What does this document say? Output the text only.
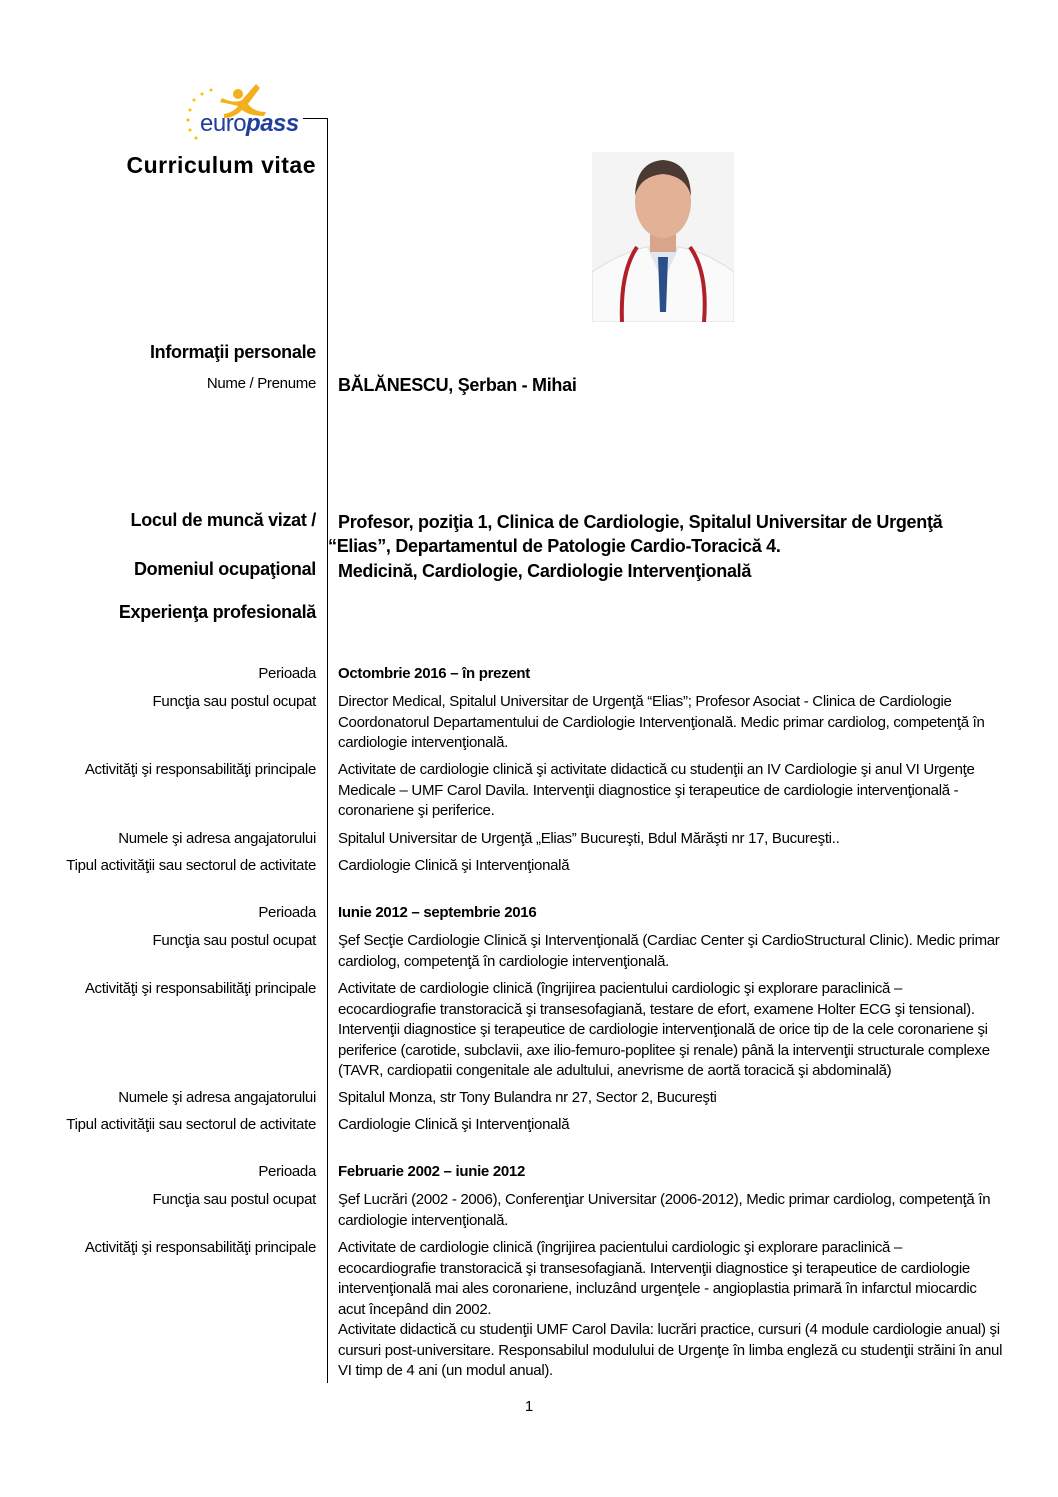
europass
Curriculum vitae
Informaţii personale
Nume / Prenume BĂLĂNESCU, Şerban - Mihai
Locul de muncă vizat /	Profesor, poziţia 1, Clinica de Cardiologie, Spitalul Universitar de Urgenţă “Elias”, Departamentul de Patologie Cardio-Toracică 4.
Domeniul ocupaţional Medicină, Cardiologie, Cardiologie Intervenţională
Experienţa profesională
Perioada Octombrie 2016 – în prezent
Funcţia sau postul ocupat Director Medical, Spitalul Universitar de Urgenţă “Elias”; Profesor Asociat - Clinica de Cardiologie Coordonatorul Departamentului de Cardiologie Intervenţională. Medic primar cardiolog, competenţă în cardiologie intervenţională.
Activităţi şi responsabilităţi principale Activitate de cardiologie clinică şi activitate didactică cu studenţii an IV Cardiologie şi anul VI Urgenţe Medicale – UMF Carol Davila. Intervenţii diagnostice şi terapeutice de cardiologie intervenţională - coronariene şi periferice.
Numele şi adresa angajatorului Spitalul Universitar de Urgenţă „Elias” Bucureşti, Bdul Mărăşti nr 17, Bucureşti..
Tipul activităţii sau sectorul de activitate Cardiologie Clinică şi Intervenţională
Perioada Iunie 2012 – septembrie 2016
Funcţia sau postul ocupat Şef Secţie Cardiologie Clinică şi Intervenţională (Cardiac Center şi CardioStructural Clinic). Medic primar cardiolog, competenţă în cardiologie intervenţională.
Activităţi şi responsabilităţi principale Activitate de cardiologie clinică (îngrijirea pacientului cardiologic şi explorare paraclinică – ecocardiografie transtoracică şi transesofagiană, testare de efort, examene Holter ECG şi tensional). Intervenţii diagnostice şi terapeutice de cardiologie intervenţională de orice tip de la cele coronariene şi periferice (carotide, subclavii, axe ilio-femuro-poplitee şi renale) până la intervenţii structurale complexe (TAVR, cardiopatii congenitale ale adultului, anevrisme de aortă toracică şi abdominală)
Numele şi adresa angajatorului Spitalul Monza, str Tony Bulandra nr 27, Sector 2, Bucureşti
Tipul activităţii sau sectorul de activitate Cardiologie Clinică şi Intervenţională
Perioada Februarie 2002 – iunie 2012
Funcţia sau postul ocupat Şef Lucrări (2002 - 2006), Conferenţiar Universitar (2006-2012), Medic primar cardiolog, competenţă în cardiologie intervenţională.
Activităţi şi responsabilităţi principale Activitate de cardiologie clinică (îngrijirea pacientului cardiologic şi explorare paraclinică – ecocardiografie transtoracică şi transesofagiană. Intervenţii diagnostice şi terapeutice de cardiologie intervenţională mai ales coronariene, incluzând urgenţele - angioplastia primară în infarctul miocardic acut începând din 2002.
Activitate didactică cu studenţii UMF Carol Davila: lucrări practice, cursuri (4 module cardiologie anual) şi cursuri post-universitare. Responsabilul modulului de Urgenţe în limba engleză cu studenţii străini în anul VI timp de 4 ani (un modul anual).
1
